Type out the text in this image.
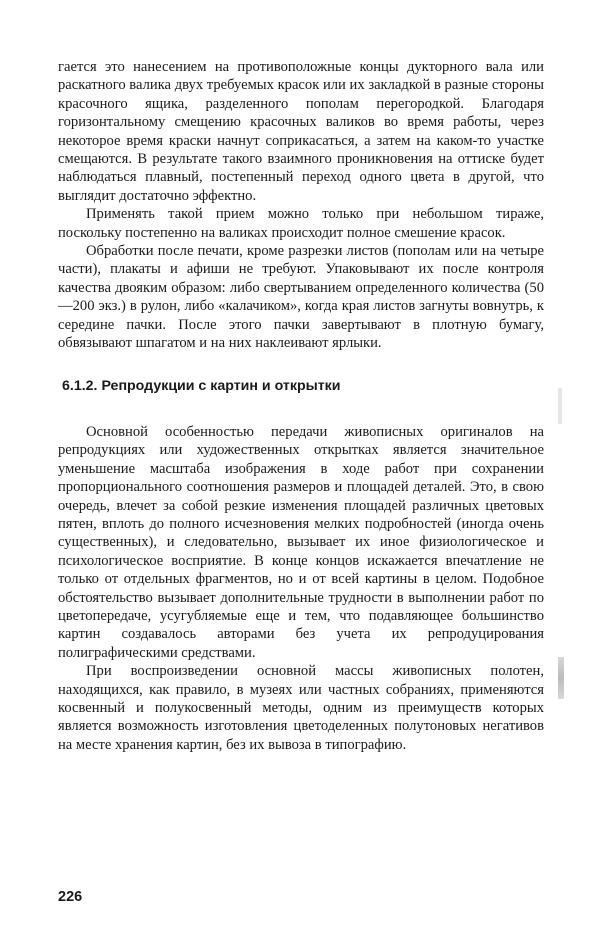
гается это нанесением на противоположные концы дукторного вала или раскатного валика двух требуемых красок или их закладкой в разные стороны красочного ящика, разделенного пополам перегородкой. Благодаря горизонтальному смещению красочных валиков во время работы, через некоторое время краски начнут соприкасаться, а затем на каком-то участке смещаются. В результате такого взаимного проникновения на оттиске будет наблюдаться плавный, постепенный переход одного цвета в другой, что выглядит достаточно эффектно.

Применять такой прием можно только при небольшом тираже, поскольку постепенно на валиках происходит полное смешение красок.

Обработки после печати, кроме разрезки листов (пополам или на четыре части), плакаты и афиши не требуют. Упаковывают их после контроля качества двояким образом: либо свертыванием определенного количества (50—200 экз.) в рулон, либо «калачиком», когда края листов загнуты вовнутрь, к середине пачки. После этого пачки завертывают в плотную бумагу, обвязывают шпагатом и на них наклеивают ярлыки.

6.1.2. Репродукции с картин и открытки

Основной особенностью передачи живописных оригиналов на репродукциях или художественных открытках является значительное уменьшение масштаба изображения в ходе работ при сохранении пропорционального соотношения размеров и площадей деталей. Это, в свою очередь, влечет за собой резкие изменения площадей различных цветовых пятен, вплоть до полного исчезновения мелких подробностей (иногда очень существенных), и следовательно, вызывает их иное физиологическое и психологическое восприятие. В конце концов искажается впечатление не только от отдельных фрагментов, но и от всей картины в целом. Подобное обстоятельство вызывает дополнительные трудности в выполнении работ по цветопередаче, усугубляемые еще и тем, что подавляющее большинство картин создавалось авторами без учета их репродуцирования полиграфическими средствами.

При воспроизведении основной массы живописных полотен, находящихся, как правило, в музеях или частных собраниях, применяются косвенный и полукосвенный методы, одним из преимуществ которых является возможность изготовления цветоделенных полутоновых негативов на месте хранения картин, без их вывоза в типографию.

226
